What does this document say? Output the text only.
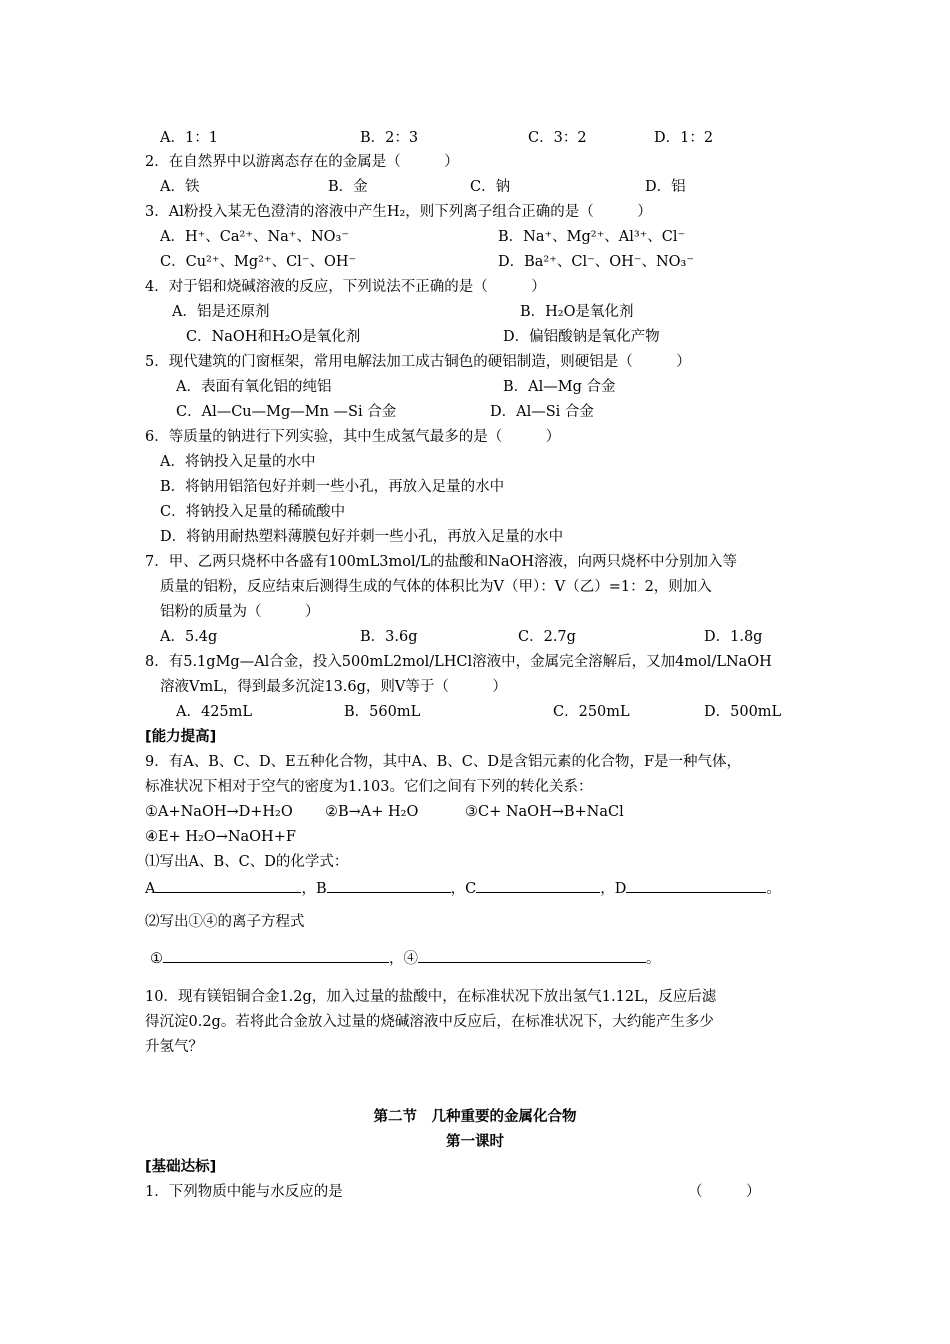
A．1：1	B．2：3	C．3：2	D．1：2
2．在自然界中以游离态存在的金属是（　　　）
A．铁	B．金	C．钠	D．铝
3．Al粉投入某无色澄清的溶液中产生H₂，则下列离子组合正确的是（　　　）
A．H⁺、Ca²⁺、Na⁺、NO₃⁻	B．Na⁺、Mg²⁺、Al³⁺、Cl⁻
C．Cu²⁺、Mg²⁺、Cl⁻、OH⁻	D．Ba²⁺、Cl⁻、OH⁻、NO₃⁻
4．对于铝和烧碱溶液的反应，下列说法不正确的是（　　　）
A．铝是还原剂	B．H₂O是氧化剂
C．NaOH和H₂O是氧化剂	D．偏铝酸钠是氧化产物
5．现代建筑的门窗框架，常用电解法加工成古铜色的硬铝制造，则硬铝是（　　　）
A．表面有氧化铝的纯铝	B．Al—Mg 合金
C．Al—Cu—Mg—Mn —Si 合金	D．Al—Si 合金
6．等质量的钠进行下列实验，其中生成氢气最多的是（　　　）
A．将钠投入足量的水中
B．将钠用铝箔包好并刺一些小孔，再放入足量的水中
C．将钠投入足量的稀硫酸中
D．将钠用耐热塑料薄膜包好并刺一些小孔，再放入足量的水中
7．甲、乙两只烧杯中各盛有100mL3mol/L的盐酸和NaOH溶液，向两只烧杯中分别加入等
质量的铝粉，反应结束后测得生成的气体的体积比为V（甲）：V（乙）=1：2，则加入
铝粉的质量为（　　　）
A．5.4g	B．3.6g	C．2.7g	D．1.8g
8．有5.1gMg—Al合金，投入500mL2mol/LHCl溶液中，金属完全溶解后，又加4mol/LNaOH
溶液VmL，得到最多沉淀13.6g，则V等于（　　　）
A．425mL	B．560mL	C．250mL	D．500mL
[能力提高]
9．有A、B、C、D、E五种化合物，其中A、B、C、D是含铝元素的化合物，F是一种气体，
标准状况下相对于空气的密度为1.103。它们之间有下列的转化关系：
①A+NaOH→D+H₂O ②B→A+ H₂O	③C+ NaOH→B+NaCl
④E+ H₂O→NaOH+F
⑴写出A、B、C、D的化学式：
A	，B	，C	，D	。
⑵写出①④的离子方程式
①	，④	。
10．现有镁铝铜合金1.2g，加入过量的盐酸中，在标准状况下放出氢气1.12L，反应后滤
得沉淀0.2g。若将此合金放入过量的烧碱溶液中反应后，在标准状况下，大约能产生多少
升氢气？
第二节　几种重要的金属化合物
第一课时
[基础达标]
1．下列物质中能与水反应的是	（　　　）
